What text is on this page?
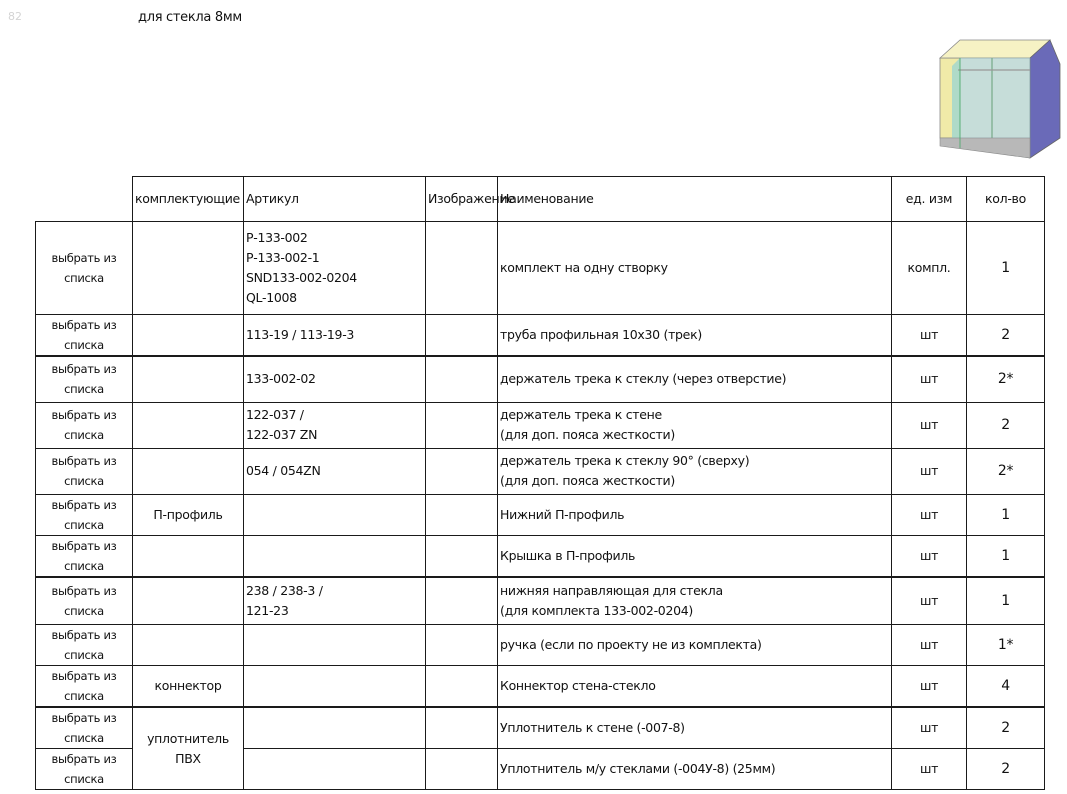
82	для стекла 8мм
	комплектующие	Артикул	Изображение	Наименование	ед. изм	кол-во
выбрать из списка		Р-133-002
Р-133-002-1
SND133-002-0204
QL-1008		комплект на одну створку	компл.	1
выбрать из списка		113-19 / 113-19-3		труба профильная 10х30 (трек)	шт	2
выбрать из списка		133-002-02		держатель трека к стеклу (через отверстие)	шт	2*
выбрать из списка		122-037 /
122-037 ZN		держатель трека к стене
(для доп. пояса жесткости)	шт	2
выбрать из списка		054 / 054ZN		держатель трека к стеклу 90° (сверху)
(для доп. пояса жесткости)	шт	2*
выбрать из списка	П-профиль			Нижний П-профиль	шт	1
выбрать из списка				Крышка в П-профиль	шт	1
выбрать из списка		238 / 238-3 /
121-23		нижняя направляющая для стекла
(для комплекта 133-002-0204)	шт	1
выбрать из списка				ручка (если по проекту не из комплекта)	шт	1*
выбрать из списка	коннектор			Коннектор стена-стекло	шт	4
выбрать из списка	уплотнитель ПВХ			Уплотнитель к стене (-007-8)	шт	2
выбрать из списка				Уплотнитель м/у стеклами (-004У-8) (25мм)	шт	2
